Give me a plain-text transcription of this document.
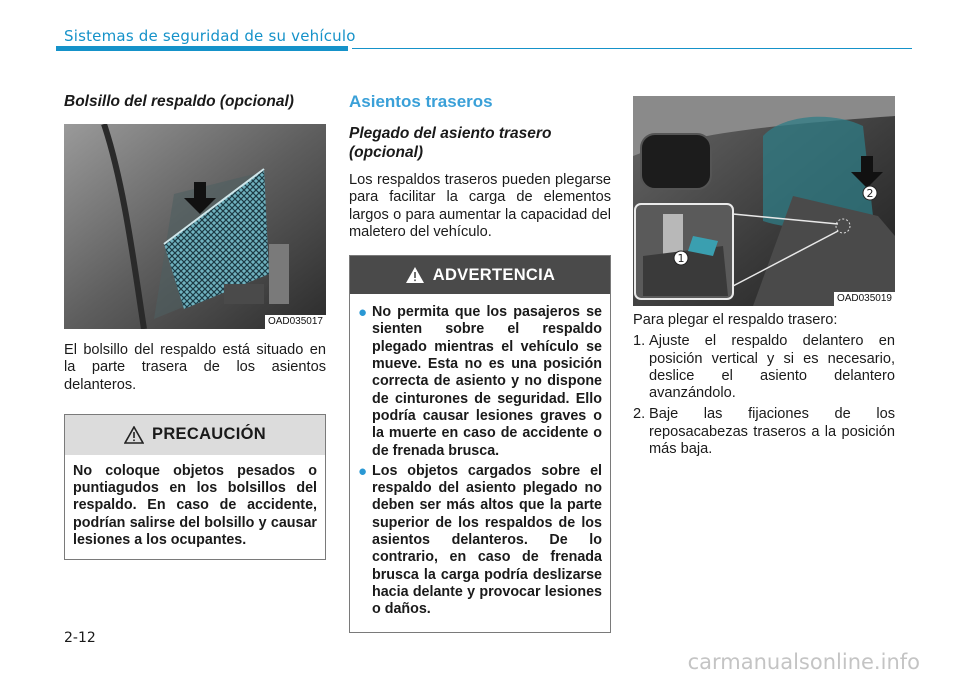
Sistemas de seguridad de su vehículo
Bolsillo del respaldo (opcional)
OAD035017

El bolsillo del respaldo está situado en la parte trasera de los asientos delanteros.

PRECAUCIÓN
No coloque objetos pesados o puntiagudos en los bolsillos del respaldo. En caso de accidente, podrían salirse del bolsillo y causar lesiones a los ocupantes.
Asientos traseros
Plegado del asiento trasero (opcional)

Los respaldos traseros pueden plegarse para facilitar la carga de elementos largos o para aumentar la capacidad del maletero del vehículo.

ADVERTENCIA
● No permita que los pasajeros se sienten sobre el respaldo plegado mientras el vehículo se mueve. Esta no es una posición correcta de asiento y no dispone de cinturones de seguridad. Ello podría causar lesiones graves o la muerte en caso de accidente o de frenada brusca.
● Los objetos cargados sobre el respaldo del asiento plegado no deben ser más altos que la parte superior de los respaldos de los asientos delanteros. De lo contrario, en caso de frenada brusca la carga podría deslizarse hacia delante y provocar lesiones o daños.
2
1
OAD035019

Para plegar el respaldo trasero:

1. Ajuste el respaldo delantero en posición vertical y si es necesario, deslice el asiento delantero avanzándolo.
2. Baje las fijaciones de los reposacabezas traseros a la posición más baja.
2-12
carmanualsonline.info
